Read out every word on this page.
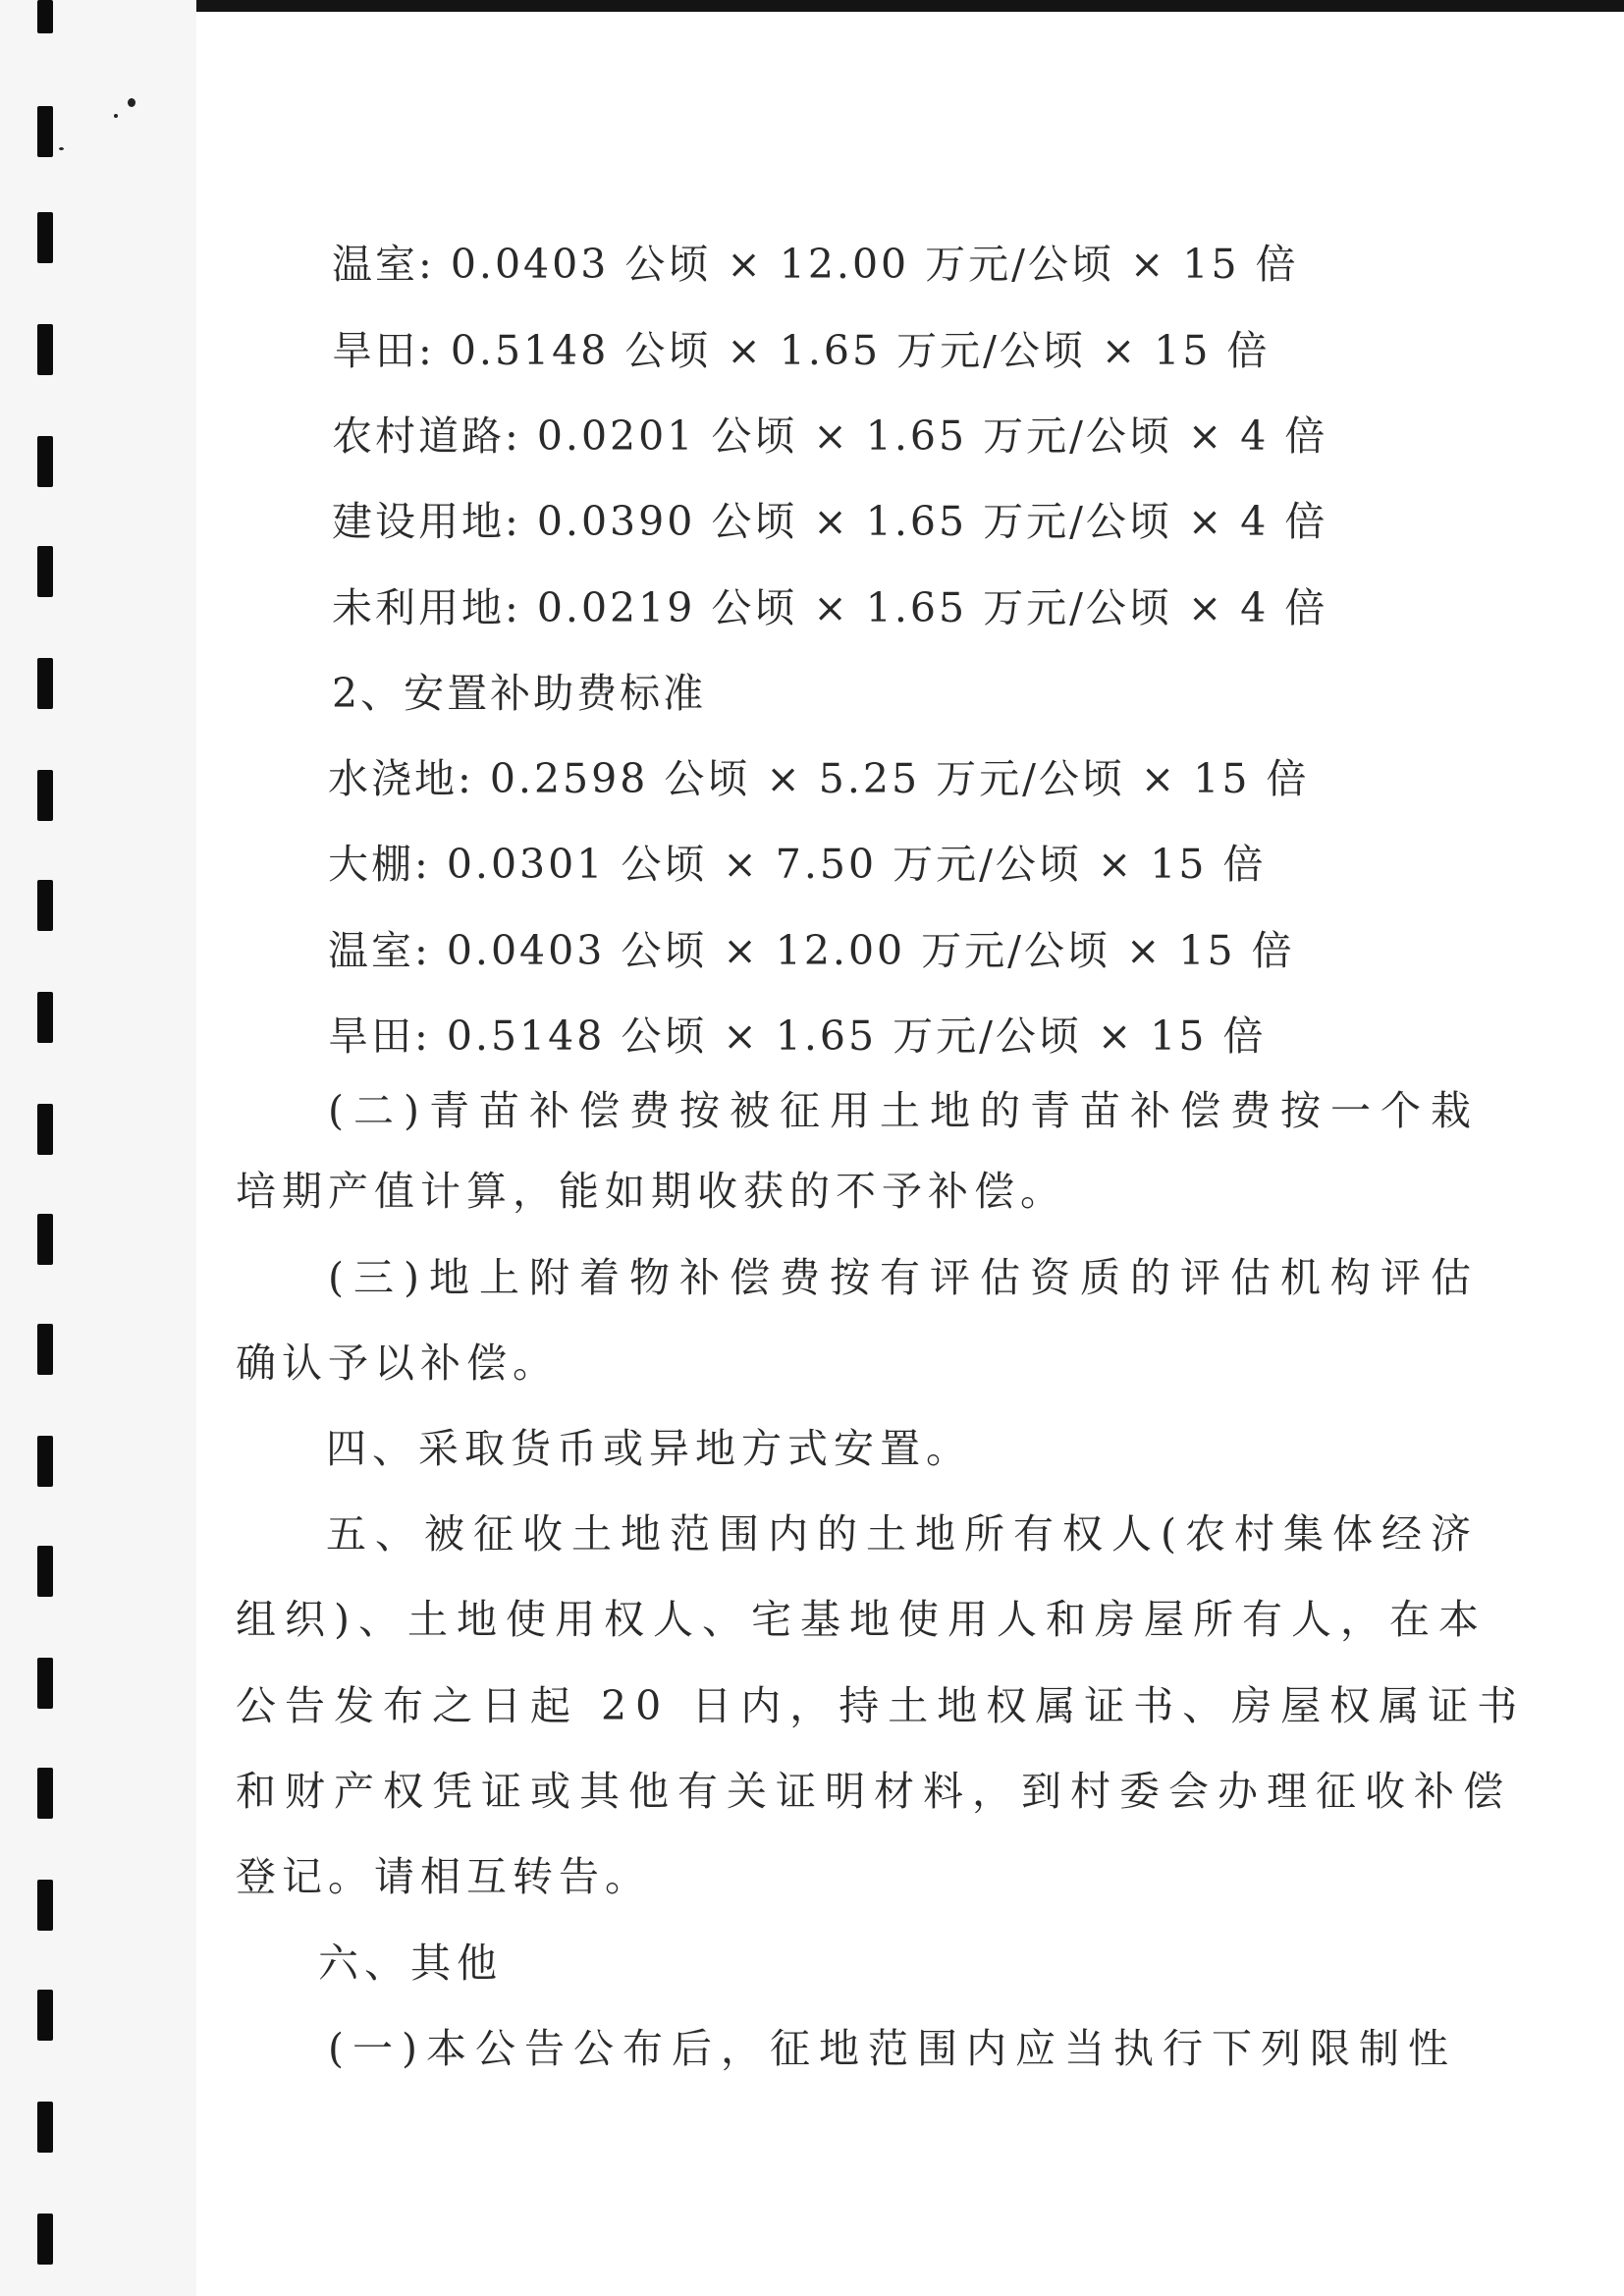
温室: 0.0403 公顷 × 12.00 万元/公顷 × 15 倍
旱田: 0.5148 公顷 × 1.65 万元/公顷 × 15 倍
农村道路: 0.0201 公顷 × 1.65 万元/公顷 × 4 倍
建设用地: 0.0390 公顷 × 1.65 万元/公顷 × 4 倍
未利用地: 0.0219 公顷 × 1.65 万元/公顷 × 4 倍
2、安置补助费标准
水浇地: 0.2598 公顷 × 5.25 万元/公顷 × 15 倍
大棚: 0.0301 公顷 × 7.50 万元/公顷 × 15 倍
温室: 0.0403 公顷 × 12.00 万元/公顷 × 15 倍
旱田: 0.5148 公顷 × 1.65 万元/公顷 × 15 倍
(二)青苗补偿费按被征用土地的青苗补偿费按一个栽
培期产值计算，能如期收获的不予补偿。
(三)地上附着物补偿费按有评估资质的评估机构评估
确认予以补偿。
四、采取货币或异地方式安置。
五、被征收土地范围内的土地所有权人(农村集体经济
组织)、土地使用权人、宅基地使用人和房屋所有人，在本
公告发布之日起 20 日内，持土地权属证书、房屋权属证书
和财产权凭证或其他有关证明材料，到村委会办理征收补偿
登记。请相互转告。
六、其他
(一)本公告公布后，征地范围内应当执行下列限制性
